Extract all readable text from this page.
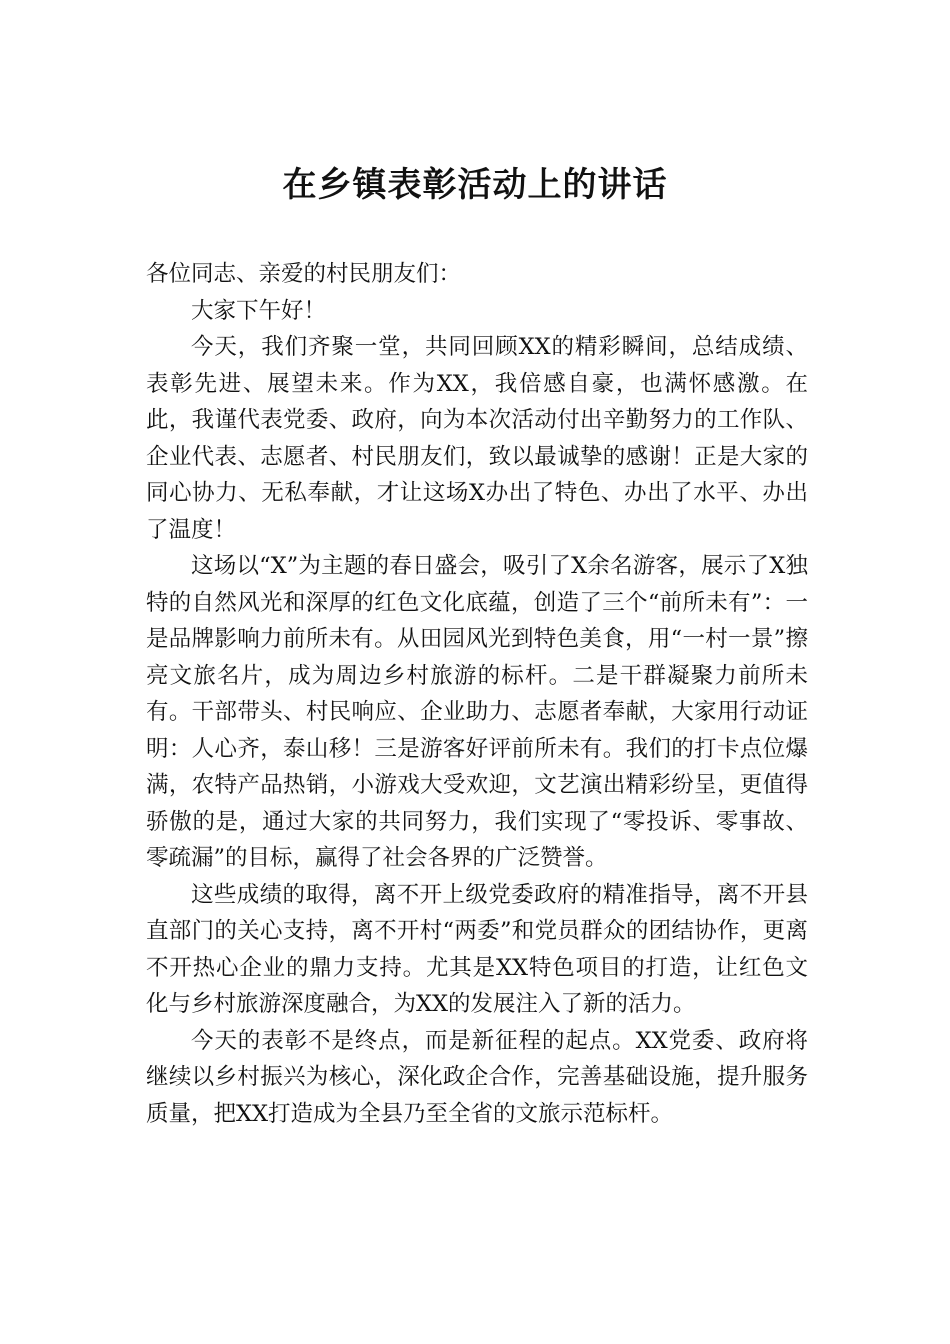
在乡镇表彰活动上的讲话

各位同志、亲爱的村民朋友们：

大家下午好！

今天，我们齐聚一堂，共同回顾XX的精彩瞬间，总结成绩、表彰先进、展望未来。作为XX，我倍感自豪，也满怀感激。在此，我谨代表党委、政府，向为本次活动付出辛勤努力的工作队、企业代表、志愿者、村民朋友们，致以最诚挚的感谢！正是大家的同心协力、无私奉献，才让这场X办出了特色、办出了水平、办出了温度！

这场以“X”为主题的春日盛会，吸引了X余名游客，展示了X独特的自然风光和深厚的红色文化底蕴，创造了三个“前所未有”：一是品牌影响力前所未有。从田园风光到特色美食，用“一村一景”擦亮文旅名片，成为周边乡村旅游的标杆。二是干群凝聚力前所未有。干部带头、村民响应、企业助力、志愿者奉献，大家用行动证明：人心齐，泰山移！三是游客好评前所未有。我们的打卡点位爆满，农特产品热销，小游戏大受欢迎，文艺演出精彩纷呈，更值得骄傲的是，通过大家的共同努力，我们实现了“零投诉、零事故、零疏漏”的目标，赢得了社会各界的广泛赞誉。

这些成绩的取得，离不开上级党委政府的精准指导，离不开县直部门的关心支持，离不开村“两委”和党员群众的团结协作，更离不开热心企业的鼎力支持。尤其是XX特色项目的打造，让红色文化与乡村旅游深度融合，为XX的发展注入了新的活力。

今天的表彰不是终点，而是新征程的起点。XX党委、政府将继续以乡村振兴为核心，深化政企合作，完善基础设施，提升服务质量，把XX打造成为全县乃至全省的文旅示范标杆。
